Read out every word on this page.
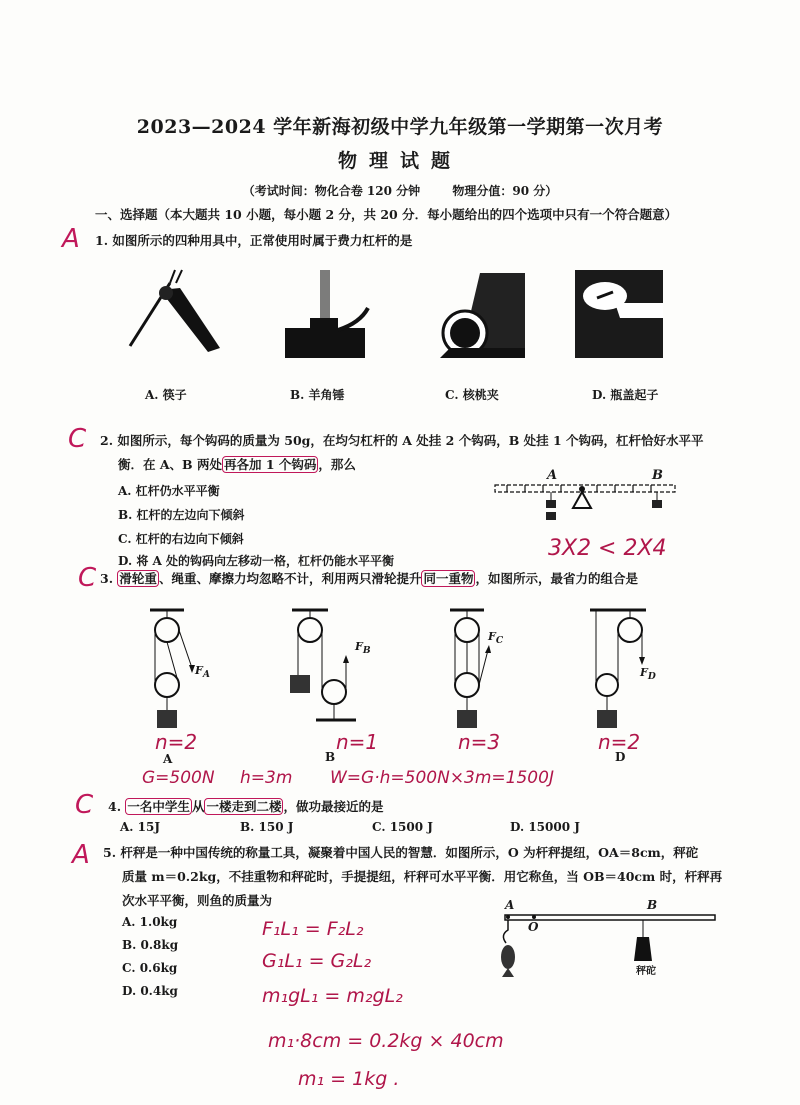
2023—2024 学年新海初级中学九年级第一学期第一次月考
物理试题
（考试时间：物化合卷 120 分钟	物理分值：90 分）
一、选择题（本大题共 10 小题，每小题 2 分，共 20 分．每小题给出的四个选项中只有一个符合题意）
A 1. 如图所示的四种用具中，正常使用时属于费力杠杆的是
A. 筷子	B. 羊角锤	C. 核桃夹	D. 瓶盖起子
C 2. 如图所示，每个钩码的质量为 50g，在均匀杠杆的 A 处挂 2 个钩码，B 处挂 1 个钩码，杠杆恰好水平平
衡．在 A、B 两处 再各加 1 个钩码 ，那么
A. 杠杆仍水平平衡
B. 杠杆的左边向下倾斜
C. 杠杆的右边向下倾斜
D. 将 A 处的钩码向左移动一格，杠杆仍能水平平衡
A	B
3X2 < 2X4
C 3. 滑轮重 、绳重、摩擦力均忽略不计，利用两只滑轮提升 同一重物 ，如图所示，最省力的组合是
$F_A$
n=2
A
$F_B$
B
n=1
$F_C$
n=3
$F_D$
D
n=2
G=500N h=3m W=G·h=500N×3m=1500J
C 4. 一名中学生 从 一楼走到二楼 ，做功最接近的是
A. 15J	B. 150 J	C. 1500 J	D. 15000 J
A 5. 杆秤是一种中国传统的称量工具，凝聚着中国人民的智慧．如图所示，O 为杆秤提纽，OA＝8cm，秤砣
质量 m＝0.2kg，不挂重物和秤砣时，手提提纽，杆秤可水平平衡．用它称鱼，当 OB＝40cm 时，杆秤再
次水平平衡，则鱼的质量为
A. 1.0kg
B. 0.8kg
C. 0.6kg
D. 0.4kg
A
O
B
秤砣
F₁L₁ = F₂L₂
G₁L₁ = G₂L₂
m₁gL₁ = m₂gL₂
m₁·8cm = 0.2kg × 40cm
m₁ = 1kg .
